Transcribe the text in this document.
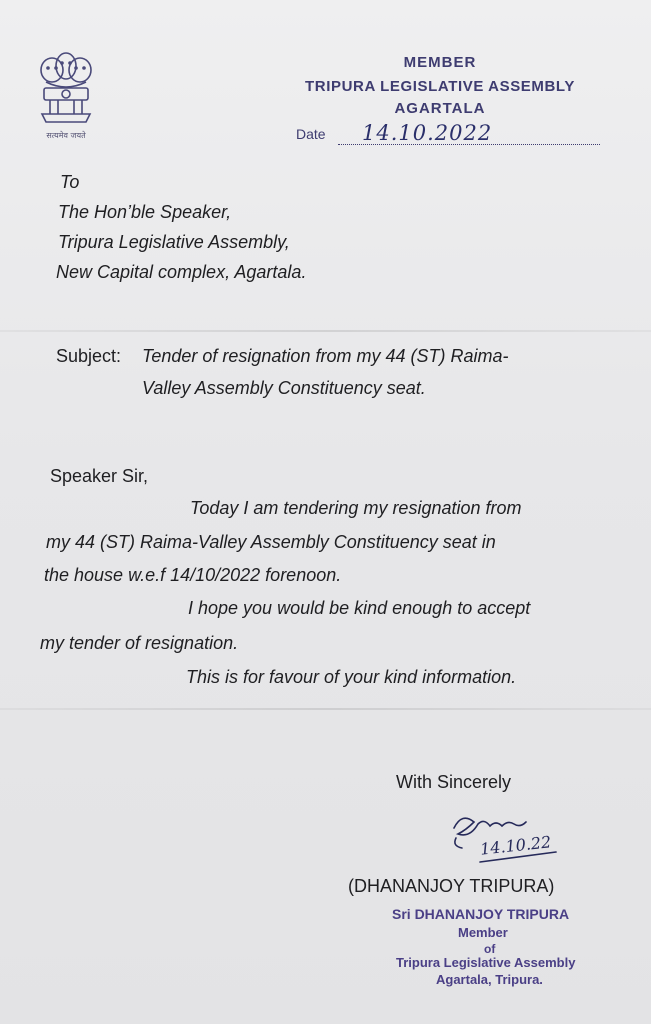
सत्यमेव जयते
MEMBER
TRIPURA LEGISLATIVE ASSEMBLY
AGARTALA
Date 14.10.2022
To
The Hon’ble Speaker,
Tripura Legislative Assembly,
New Capital complex, Agartala.
Subject: Tender of resignation from my 44 (ST) Raima-
Valley Assembly Constituency seat.
Speaker Sir,
Today I am tendering my resignation from
my 44 (ST) Raima-Valley Assembly Constituency seat in
the house w.e.f 14/10/2022 forenoon.
I hope you would be kind enough to accept
my tender of resignation.
This is for favour of your kind information.
With Sincerely
14.10.22
(DHANANJOY TRIPURA)
Sri DHANANJOY TRIPURA
Member
of
Tripura Legislative Assembly
Agartala, Tripura.
